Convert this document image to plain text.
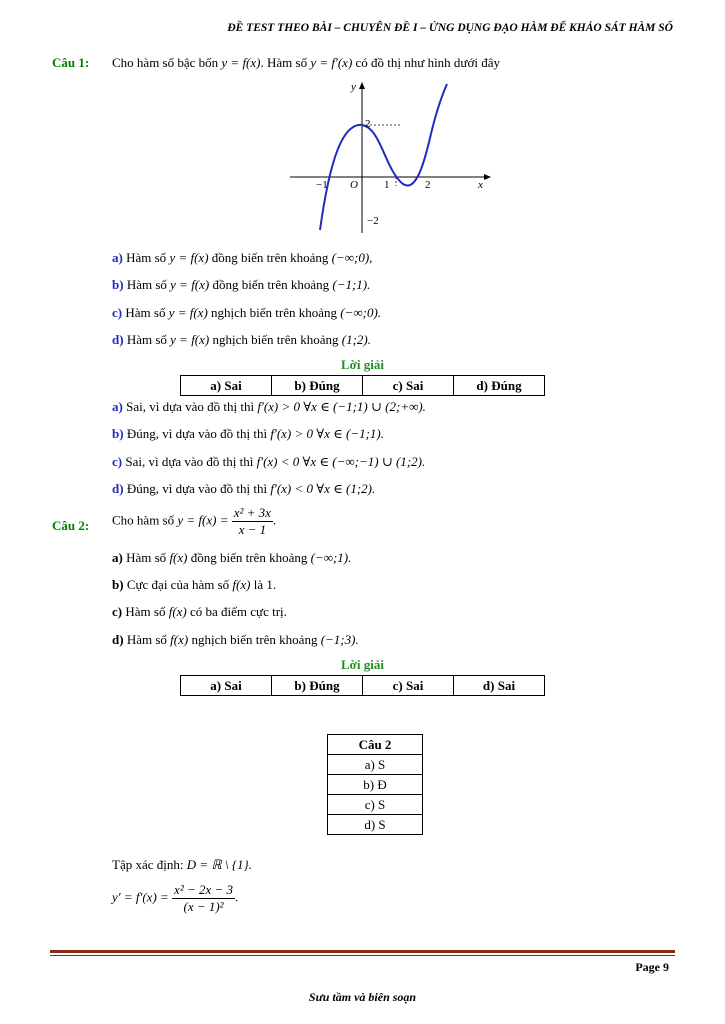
ĐỀ TEST THEO BÀI – CHUYÊN ĐỀ I – ỨNG DỤNG ĐẠO HÀM ĐỂ KHẢO SÁT HÀM SỐ
Câu 1: Cho hàm số bậc bốn y = f(x). Hàm số y = f′(x) có đồ thị như hình dưới đây
y
x
O
−1	1	2
2
−2
a) Hàm số y = f(x) đồng biến trên khoảng (−∞;0),
b) Hàm số y = f(x) đồng biến trên khoảng (−1;1).
c) Hàm số y = f(x) nghịch biến trên khoảng (−∞;0).
d) Hàm số y = f(x) nghịch biến trên khoảng (1;2).
Lời giải
a) Sai	b) Đúng	c) Sai	d) Đúng
a) Sai, vì dựa vào đồ thị thì f′(x) > 0 ∀x ∈ (−1;1) ∪ (2;+∞).
b) Đúng, vì dựa vào đồ thị thì f′(x) > 0 ∀x ∈ (−1;1).
c) Sai, vì dựa vào đồ thị thì f′(x) < 0 ∀x ∈ (−∞;−1) ∪ (1;2).
d) Đúng, vì dựa vào đồ thị thì f′(x) < 0 ∀x ∈ (1;2).
Câu 2: Cho hàm số $y = f(x) = \frac{\text{x² + 3x}}{x - 1}$ .
a) Hàm số f(x) đồng biến trên khoảng (−∞;1).
b) Cực đại của hàm số f(x) là 1.
c) Hàm số f(x) có ba điểm cực trị.
d) Hàm số f(x) nghịch biến trên khoảng (−1;3).
Lời giải
a) Sai	b) Đúng	c) Sai	d) Sai
Câu 2
a) S
b) Đ
c) S
d) S
Tập xác định: D = ℝ \ {1}.
$y' = f'(x) = \frac{\text{x² − 2x − 3}}{\text{(x − 1)²}}$ .
Page 9
Sưu tầm và biên soạn
